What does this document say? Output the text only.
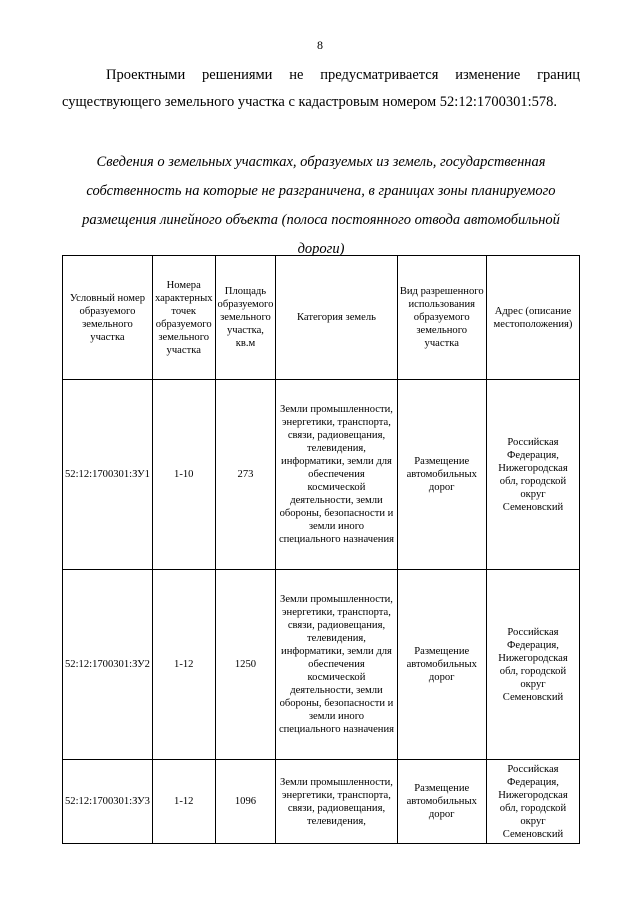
8
Проектными решениями не предусматривается изменение границ
существующего земельного участка с кадастровым номером 52:12:1700301:578.
Сведения о земельных участках, образуемых из земель, государственная
собственность на которые не разграничена, в границах зоны планируемого
размещения линейного объекта (полоса постоянного отвода автомобильной
дороги)
Условный номер образуемого земельного участка	Номера характерных точек образуемого земельного участка	Площадь образуемого земельного участка, кв.м	Категория земель	Вид разрешенного использования образуемого земельного участка	Адрес (описание местоположения)
52:12:1700301:ЗУ1	1-10	273	Земли промышленности, энергетики, транспорта, связи, радиовещания, телевидения, информатики, земли для обеспечения космической деятельности, земли обороны, безопасности и земли иного специального назначения	Размещение автомобильных дорог	Российская Федерация, Нижегородская обл, городской округ Семеновский
52:12:1700301:ЗУ2	1-12	1250	Земли промышленности, энергетики, транспорта, связи, радиовещания, телевидения, информатики, земли для обеспечения космической деятельности, земли обороны, безопасности и земли иного специального назначения	Размещение автомобильных дорог	Российская Федерация, Нижегородская обл, городской округ Семеновский
52:12:1700301:ЗУ3	1-12	1096	Земли промышленности, энергетики, транспорта, связи, радиовещания, телевидения,	Размещение автомобильных дорог	Российская Федерация, Нижегородская обл, городской округ Семеновский
